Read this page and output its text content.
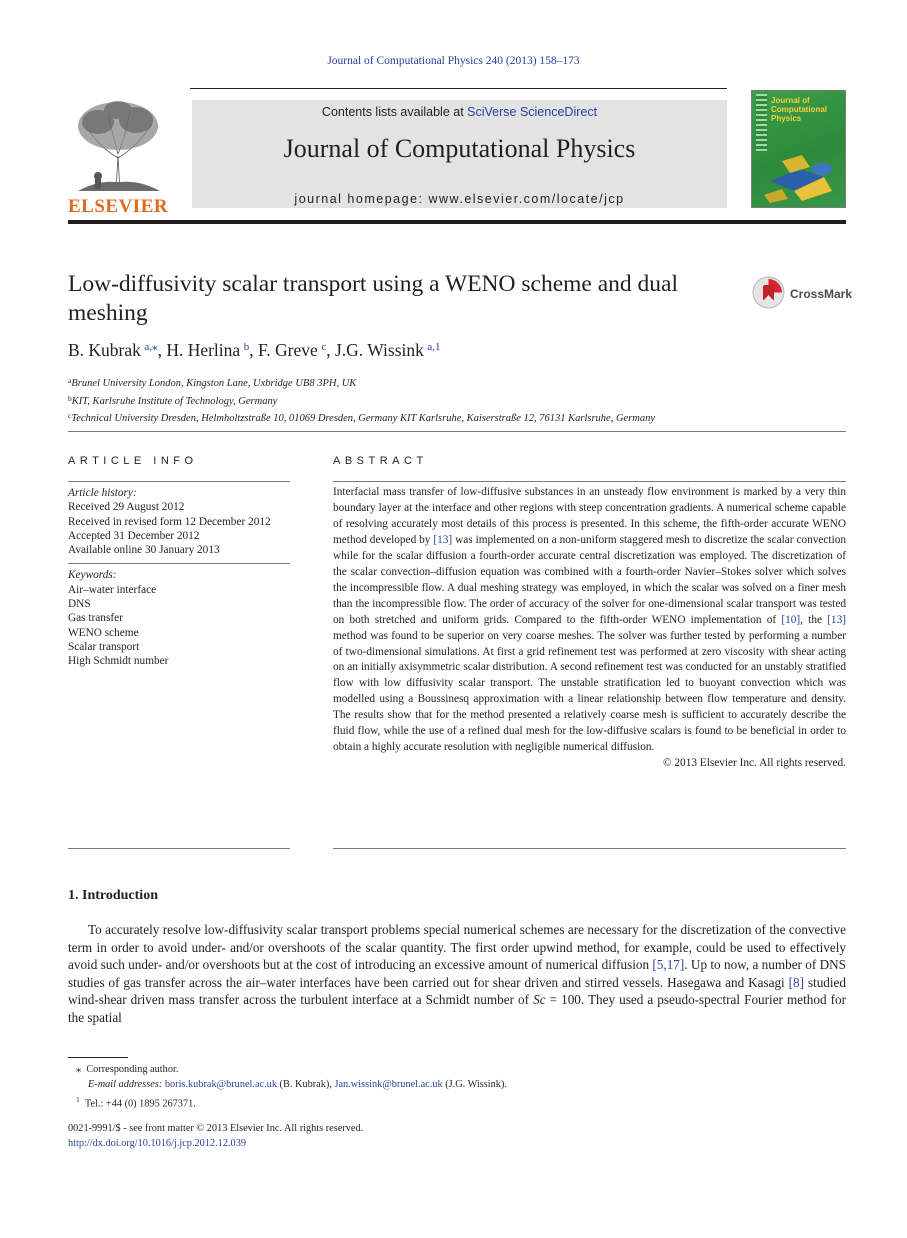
Journal of Computational Physics 240 (2013) 158–173
ELSEVIER
Contents lists available at SciVerse ScienceDirect
Journal of Computational Physics
journal homepage: www.elsevier.com/locate/jcp
Journal of Computational Physics
Low-diffusivity scalar transport using a WENO scheme and dual meshing
CrossMark
B. Kubrak  $^{a,⁎}$, H. Herlina  $^b$, F. Greve  $^c$, J.G. Wissink  $^{a,1}$
$^a$Brunel University London, Kingston Lane, Uxbridge UB8 3PH, UK
$^b$KIT, Karlsruhe Institute of Technology, Germany
$^c$Technical University Dresden, Helmholtzstraße 10, 01069 Dresden, Germany KIT Karlsruhe, Kaiserstraße 12, 76131 Karlsruhe, Germany
ARTICLE INFO
Article history:
Received 29 August 2012
Received in revised form 12 December 2012
Accepted 31 December 2012
Available online 30 January 2013
Keywords:
Air–water interface
DNS
Gas transfer
WENO scheme
Scalar transport
High Schmidt number
ABSTRACT

Interfacial mass transfer of low-diffusive substances in an unsteady flow environment is marked by a very thin boundary layer at the interface and other regions with steep concentration gradients. A numerical scheme capable of resolving accurately most details of this process is presented. In this scheme, the fifth-order accurate WENO method developed by [13] was implemented on a non-uniform staggered mesh to discretize the scalar convection while for the scalar diffusion a fourth-order accurate central discretization was employed. The discretization of the scalar convection–diffusion equation was combined with a fourth-order Navier–Stokes solver which solves the incompressible flow. A dual meshing strategy was employed, in which the scalar was solved on a finer mesh than the incompressible flow. The order of accuracy of the solver for one-dimensional scalar transport was tested on both stretched and uniform grids. Compared to the fifth-order WENO implementation of [10], the [13] method was found to be superior on very coarse meshes. The solver was further tested by performing a number of two-dimensional simulations. At first a grid refinement test was performed at zero viscosity with shear acting on an initially axisymmetric scalar distribution. A second refinement test was conducted for an unstably stratified flow with low diffusivity scalar transport. The unstable stratification led to buoyant convection which was modelled using a Boussinesq approximation with a linear relationship between flow temperature and density. The results show that for the method presented a relatively coarse mesh is sufficient to accurately describe the fluid flow, while the use of a refined dual mesh for the low-diffusive scalars is found to be beneficial in order to obtain a highly accurate resolution with negligible numerical diffusion.

© 2013 Elsevier Inc. All rights reserved.
1. Introduction

To accurately resolve low-diffusivity scalar transport problems special numerical schemes are necessary for the discretization of the convective term in order to avoid under- and/or overshoots of the scalar quantity. The first order upwind method, for example, could be used to effectively avoid such under- and/or overshoots but at the cost of introducing an excessive amount of numerical diffusion [5,17]. Up to now, a number of DNS studies of gas transfer across the air–water interfaces have been carried out for shear driven and stirred vessels. Hasegawa and Kasagi [8] studied wind-shear driven mass transfer across the turbulent interface at a Schmidt number of Sc = 100. They used a pseudo-spectral Fourier method for the spatial

⁎ Corresponding author.
E-mail addresses: boris.kubrak@brunel.ac.uk (B. Kubrak), Jan.wissink@brunel.ac.uk (J.G. Wissink).
$^1$ Tel.: +44 (0) 1895 267371.
0021-9991/$ - see front matter © 2013 Elsevier Inc. All rights reserved.
http://dx.doi.org/10.1016/j.jcp.2012.12.039
